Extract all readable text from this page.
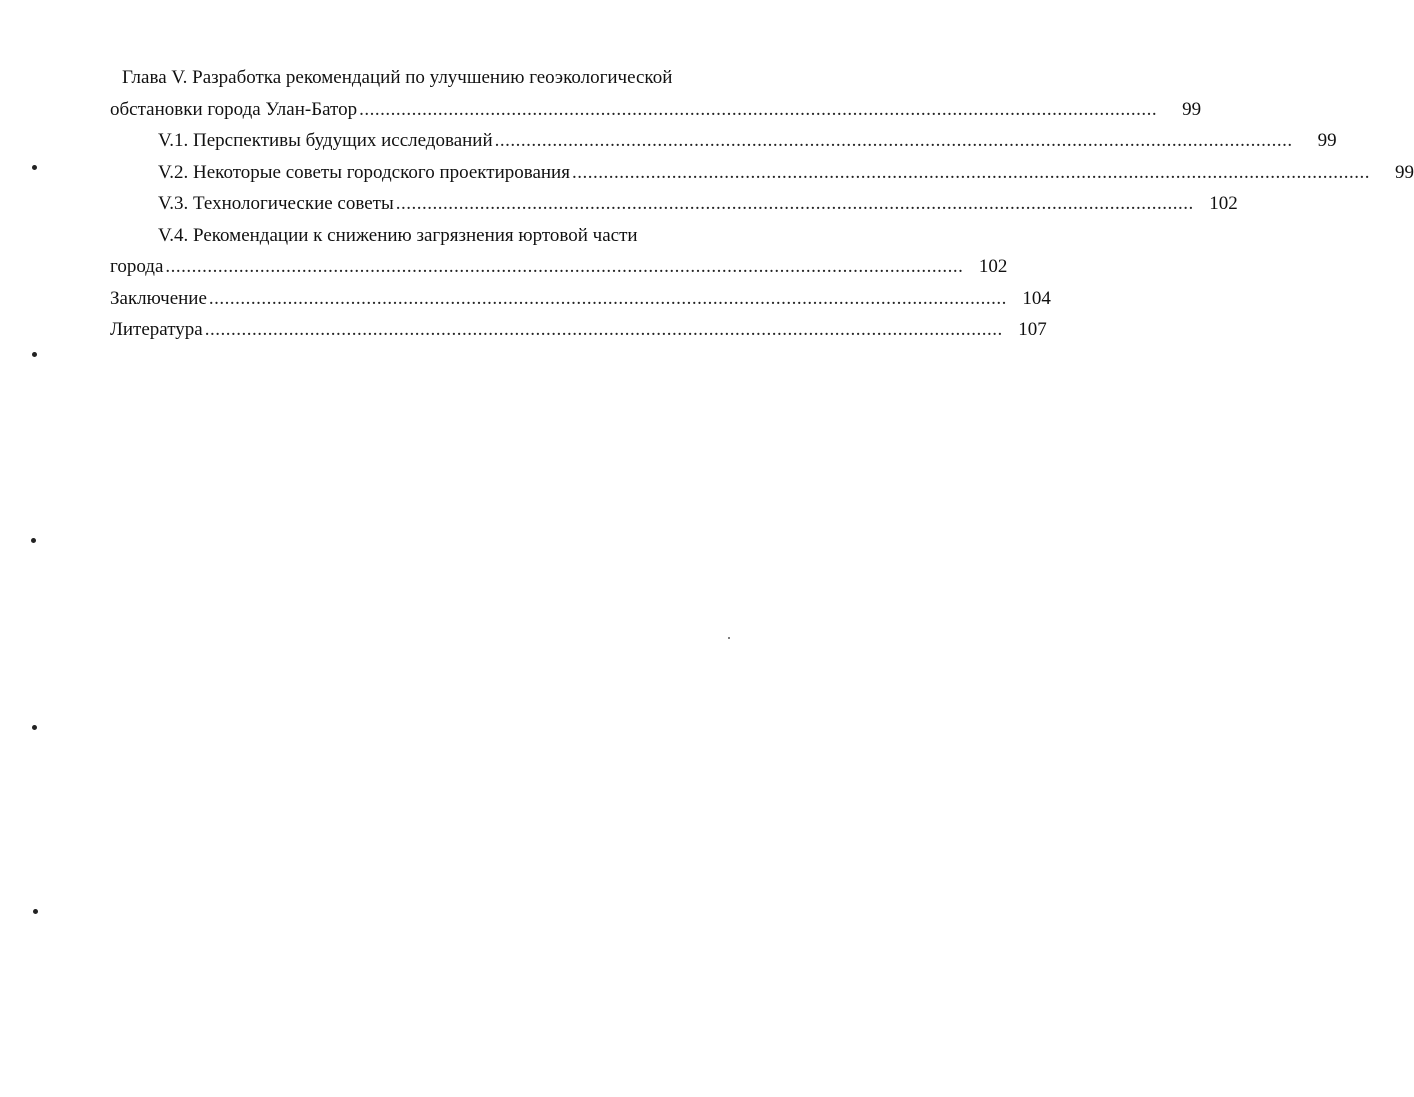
Глава V. Разработка рекомендаций по улучшению геоэкологической
обстановки города Улан-Батор ........................................................................................................................................................	99
V.1. Перспективы будущих исследований ........................................................................................................................................................	99
V.2. Некоторые советы городского проектирования ........................................................................................................................................................	99
V.3. Технологические советы ........................................................................................................................................................ 102
V.4. Рекомендации к снижению загрязнения юртовой части
города ........................................................................................................................................................ 102
Заключение ........................................................................................................................................................ 104
Литература ........................................................................................................................................................ 107
